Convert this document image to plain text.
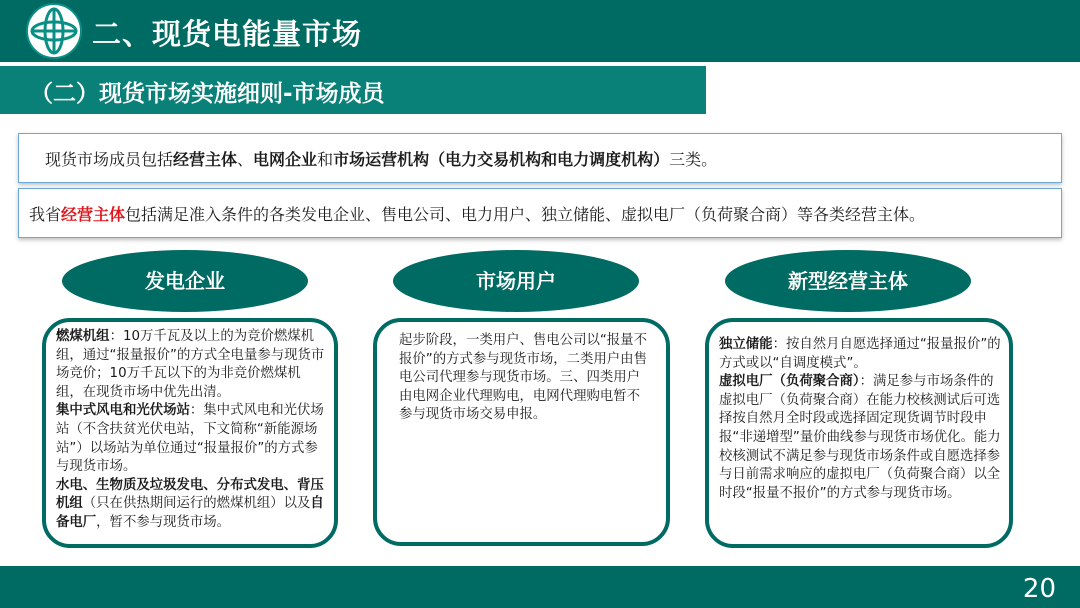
二、现货电能量市场
（二）现货市场实施细则-市场成员
现货市场成员包括经营主体、电网企业和市场运营机构（电力交易机构和电力调度机构）三类。
我省经营主体包括满足准入条件的各类发电企业、售电公司、电力用户、独立储能、虚拟电厂（负荷聚合商）等各类经营主体。
发电企业	市场用户	新型经营主体

燃煤机组：10万千瓦及以上的为竞价燃煤机组，通过“报量报价”的方式全电量参与现货市场竞价；10万千瓦以下的为非竞价燃煤机组，在现货市场中优先出清。

集中式风电和光伏场站：集中式风电和光伏场站（不含扶贫光伏电站，下文简称“新能源场站”）以场站为单位通过“报量报价”的方式参与现货市场。

水电、生物质及垃圾发电、分布式发电、背压机组（只在供热期间运行的燃煤机组）以及自备电厂，暂不参与现货市场。

起步阶段，一类用户、售电公司以“报量不报价”的方式参与现货市场，二类用户由售电公司代理参与现货市场。三、四类用户由电网企业代理购电，电网代理购电暂不参与现货市场交易申报。

独立储能：按自然月自愿选择通过“报量报价”的方式或以“自调度模式”。

虚拟电厂（负荷聚合商）：满足参与市场条件的虚拟电厂（负荷聚合商）在能力校核测试后可选择按自然月全时段或选择固定现货调节时段申报“非递增型”量价曲线参与现货市场优化。能力校核测试不满足参与现货市场条件或自愿选择参与日前需求响应的虚拟电厂（负荷聚合商）以全时段“报量不报价”的方式参与现货市场。

20
